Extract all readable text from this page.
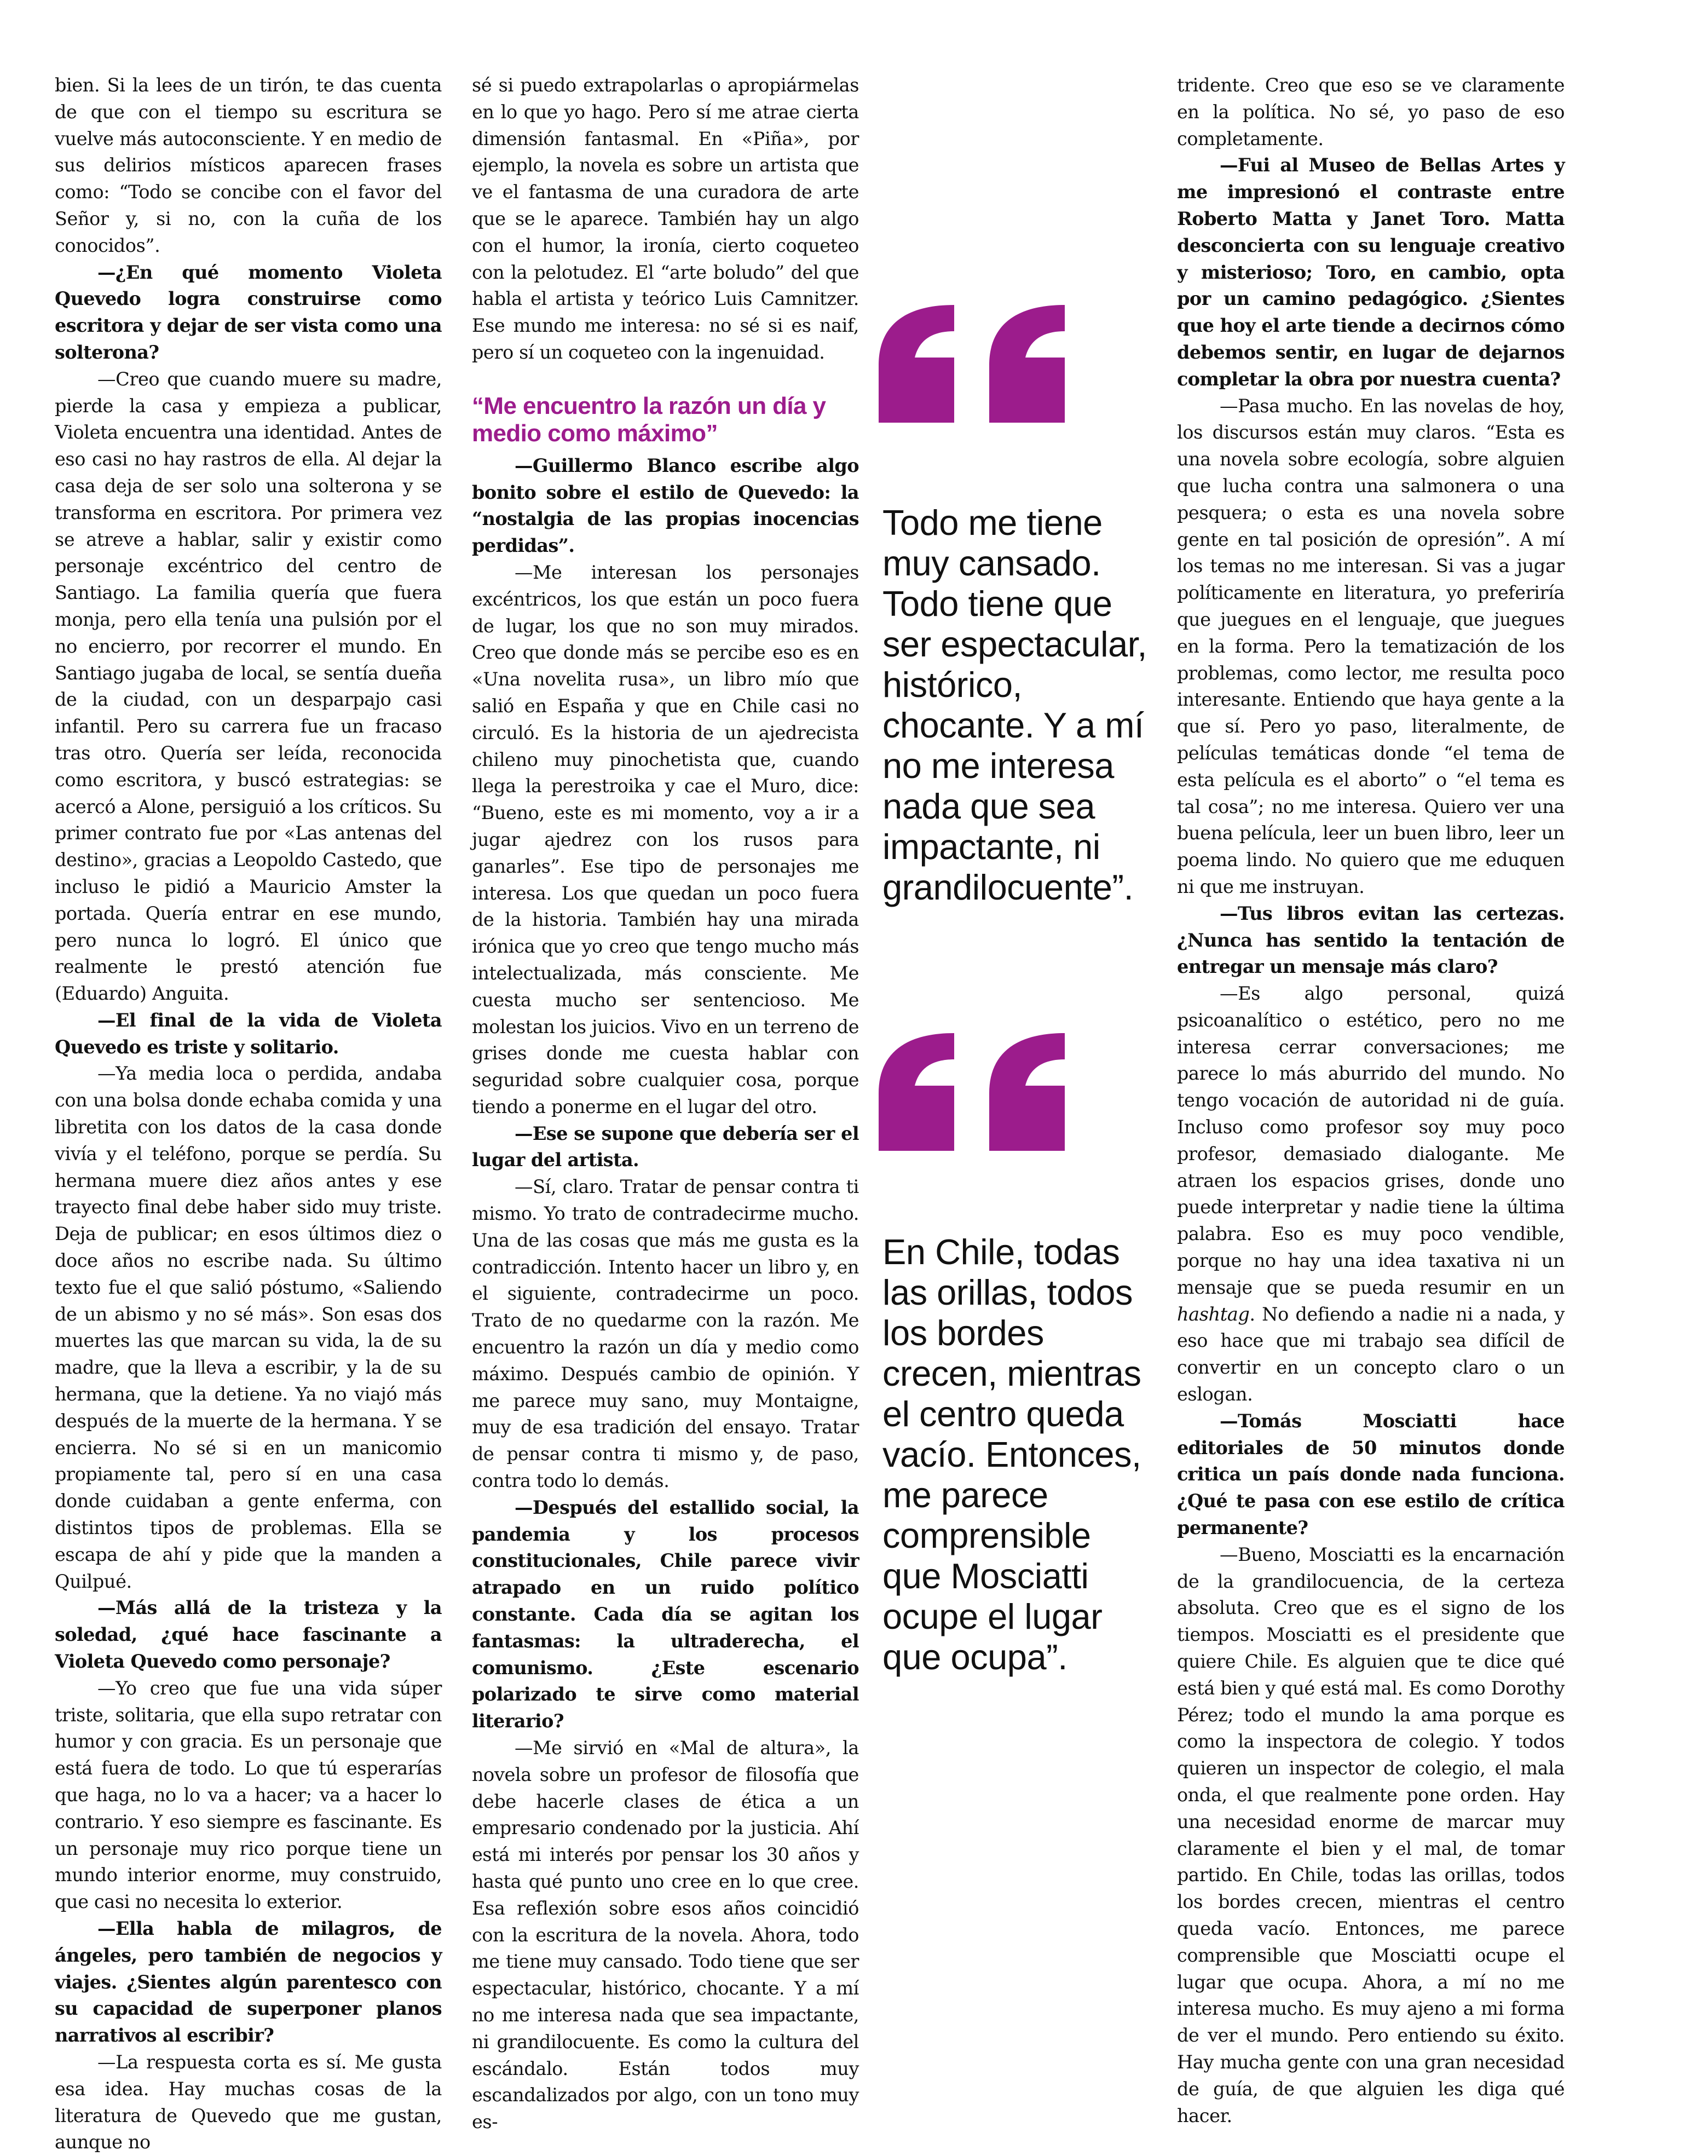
bien. Si la lees de un tirón, te das cuenta de que con el tiempo su escritura se vuelve más autoconsciente. Y en medio de sus delirios místicos aparecen frases como: “Todo se concibe con el favor del Señor y, si no, con la cuña de los conocidos”.

—¿En qué momento Violeta Quevedo logra construirse como escritora y dejar de ser vista como una solterona?

—Creo que cuando muere su madre, pierde la casa y empieza a publicar, Violeta encuentra una identidad. Antes de eso casi no hay rastros de ella. Al dejar la casa deja de ser solo una solterona y se transforma en escritora. Por primera vez se atreve a hablar, salir y existir como personaje excéntrico del centro de Santiago. La familia quería que fuera monja, pero ella tenía una pulsión por el no encierro, por recorrer el mundo. En Santiago jugaba de local, se sentía dueña de la ciudad, con un desparpajo casi infantil. Pero su carrera fue un fracaso tras otro. Quería ser leída, reconocida como escritora, y buscó estrategias: se acercó a Alone, persiguió a los críticos. Su primer contrato fue por «Las antenas del destino», gracias a Leopoldo Castedo, que incluso le pidió a Mauricio Amster la portada. Quería entrar en ese mundo, pero nunca lo logró. El único que realmente le prestó atención fue (Eduardo) Anguita.

—El final de la vida de Violeta Quevedo es triste y solitario.

—Ya media loca o perdida, andaba con una bolsa donde echaba comida y una libretita con los datos de la casa donde vivía y el teléfono, porque se perdía. Su hermana muere diez años antes y ese trayecto final debe haber sido muy triste. Deja de publicar; en esos últimos diez o doce años no escribe nada. Su último texto fue el que salió póstumo, «Saliendo de un abismo y no sé más». Son esas dos muertes las que marcan su vida, la de su madre, que la lleva a escribir, y la de su hermana, que la detiene. Ya no viajó más después de la muerte de la hermana. Y se encierra. No sé si en un manicomio propiamente tal, pero sí en una casa donde cuidaban a gente enferma, con distintos tipos de problemas. Ella se escapa de ahí y pide que la manden a Quilpué.

—Más allá de la tristeza y la soledad, ¿qué hace fascinante a Violeta Quevedo como personaje?

—Yo creo que fue una vida súper triste, solitaria, que ella supo retratar con humor y con gracia. Es un personaje que está fuera de todo. Lo que tú esperarías que haga, no lo va a hacer; va a hacer lo contrario. Y eso siempre es fascinante. Es un personaje muy rico porque tiene un mundo interior enorme, muy construido, que casi no necesita lo exterior.

—Ella habla de milagros, de ángeles, pero también de negocios y viajes. ¿Sientes algún parentesco con su capacidad de superponer planos narrativos al escribir?

—La respuesta corta es sí. Me gusta esa idea. Hay muchas cosas de la literatura de Quevedo que me gustan, aunque no

sé si puedo extrapolarlas o apropiármelas en lo que yo hago. Pero sí me atrae cierta dimensión fantasmal. En «Piña», por ejemplo, la novela es sobre un artista que ve el fantasma de una curadora de arte que se le aparece. También hay un algo con el humor, la ironía, cierto coqueteo con la pelotudez. El “arte boludo” del que habla el artista y teórico Luis Camnitzer. Ese mundo me interesa: no sé si es naif, pero sí un coqueteo con la ingenuidad.

“Me encuentro la razón un día y medio como máximo”

—Guillermo Blanco escribe algo bonito sobre el estilo de Quevedo: la “nostalgia de las propias inocencias perdidas”.

—Me interesan los personajes excéntricos, los que están un poco fuera de lugar, los que no son muy mirados. Creo que donde más se percibe eso es en «Una novelita rusa», un libro mío que salió en España y que en Chile casi no circuló. Es la historia de un ajedrecista chileno muy pinochetista que, cuando llega la perestroika y cae el Muro, dice: “Bueno, este es mi momento, voy a ir a jugar ajedrez con los rusos para ganarles”. Ese tipo de personajes me interesa. Los que quedan un poco fuera de la historia. También hay una mirada irónica que yo creo que tengo mucho más intelectualizada, más consciente. Me cuesta mucho ser sentencioso. Me molestan los juicios. Vivo en un terreno de grises donde me cuesta hablar con seguridad sobre cualquier cosa, porque tiendo a ponerme en el lugar del otro.

—Ese se supone que debería ser el lugar del artista.

—Sí, claro. Tratar de pensar contra ti mismo. Yo trato de contradecirme mucho. Una de las cosas que más me gusta es la contradicción. Intento hacer un libro y, en el siguiente, contradecirme un poco. Trato de no quedarme con la razón. Me encuentro la razón un día y medio como máximo. Después cambio de opinión. Y me parece muy sano, muy Montaigne, muy de esa tradición del ensayo. Tratar de pensar contra ti mismo y, de paso, contra todo lo demás.

—Después del estallido social, la pandemia y los procesos constitucionales, Chile parece vivir atrapado en un ruido político constante. Cada día se agitan los fantasmas: la ultraderecha, el comunismo. ¿Este escenario polarizado te sirve como material literario?

—Me sirvió en «Mal de altura», la novela sobre un profesor de filosofía que debe hacerle clases de ética a un empresario condenado por la justicia. Ahí está mi interés por pensar los 30 años y hasta qué punto uno cree en lo que cree. Esa reflexión sobre esos años coincidió con la escritura de la novela. Ahora, todo me tiene muy cansado. Todo tiene que ser espectacular, histórico, chocante. Y a mí no me interesa nada que sea impactante, ni grandilocuente. Es como la cultura del escándalo. Están todos muy escandalizados por algo, con un tono muy es-

Todo me tiene muy cansado. Todo tiene que ser espectacular, histórico, chocante. Y a mí no me interesa nada que sea impactante, ni grandilocuente”.
En Chile, todas las orillas, todos los bordes crecen, mientras el centro queda vacío. Entonces, me parece comprensible que Mosciatti ocupe el lugar que ocupa”.

tridente. Creo que eso se ve claramente en la política. No sé, yo paso de eso completamente.

—Fui al Museo de Bellas Artes y me impresionó el contraste entre Roberto Matta y Janet Toro. Matta desconcierta con su lenguaje creativo y misterioso; Toro, en cambio, opta por un camino pedagógico. ¿Sientes que hoy el arte tiende a decirnos cómo debemos sentir, en lugar de dejarnos completar la obra por nuestra cuenta?

—Pasa mucho. En las novelas de hoy, los discursos están muy claros. “Esta es una novela sobre ecología, sobre alguien que lucha contra una salmonera o una pesquera; o esta es una novela sobre gente en tal posición de opresión”. A mí los temas no me interesan. Si vas a jugar políticamente en literatura, yo preferiría que juegues en el lenguaje, que juegues en la forma. Pero la tematización de los problemas, como lector, me resulta poco interesante. Entiendo que haya gente a la que sí. Pero yo paso, literalmente, de películas temáticas donde “el tema de esta película es el aborto” o “el tema es tal cosa”; no me interesa. Quiero ver una buena película, leer un buen libro, leer un poema lindo. No quiero que me eduquen ni que me instruyan.

—Tus libros evitan las certezas. ¿Nunca has sentido la tentación de entregar un mensaje más claro?

—Es algo personal, quizá psicoanalítico o estético, pero no me interesa cerrar conversaciones; me parece lo más aburrido del mundo. No tengo vocación de autoridad ni de guía. Incluso como profesor soy muy poco profesor, demasiado dialogante. Me atraen los espacios grises, donde uno puede interpretar y nadie tiene la última palabra. Eso es muy poco vendible, porque no hay una idea taxativa ni un mensaje que se pueda resumir en un hashtag. No defiendo a nadie ni a nada, y eso hace que mi trabajo sea difícil de convertir en un concepto claro o un eslogan.

—Tomás Mosciatti hace editoriales de 50 minutos donde critica un país donde nada funciona. ¿Qué te pasa con ese estilo de crítica permanente?

—Bueno, Mosciatti es la encarnación de la grandilocuencia, de la certeza absoluta. Creo que es el signo de los tiempos. Mosciatti es el presidente que quiere Chile. Es alguien que te dice qué está bien y qué está mal. Es como Dorothy Pérez; todo el mundo la ama porque es como la inspectora de colegio. Y todos quieren un inspector de colegio, el mala onda, el que realmente pone orden. Hay una necesidad enorme de marcar muy claramente el bien y el mal, de tomar partido. En Chile, todas las orillas, todos los bordes crecen, mientras el centro queda vacío. Entonces, me parece comprensible que Mosciatti ocupe el lugar que ocupa. Ahora, a mí no me interesa mucho. Es muy ajeno a mi forma de ver el mundo. Pero entiendo su éxito. Hay mucha gente con una gran necesidad de guía, de que alguien les diga qué hacer.
